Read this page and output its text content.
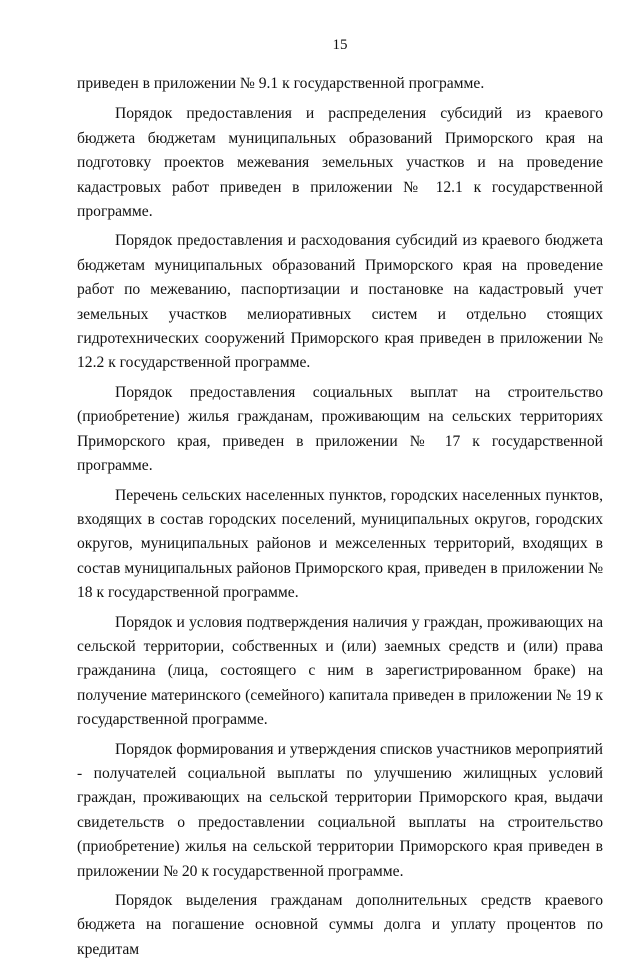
15

приведен в приложении № 9.1 к государственной программе.

Порядок предоставления и распределения субсидий из краевого бюджета бюджетам муниципальных образований Приморского края на подготовку проектов межевания земельных участков и на проведение кадастровых работ приведен в приложении № 12.1 к государственной программе.

Порядок предоставления и расходования субсидий из краевого бюджета бюджетам муниципальных образований Приморского края на проведение работ по межеванию, паспортизации и постановке на кадастровый учет земельных участков мелиоративных систем и отдельно стоящих гидротехнических сооружений Приморского края приведен в приложении № 12.2 к государственной программе.

Порядок предоставления социальных выплат на строительство (приобретение) жилья гражданам, проживающим на сельских территориях Приморского края, приведен в приложении № 17 к государственной программе.

Перечень сельских населенных пунктов, городских населенных пунктов, входящих в состав городских поселений, муниципальных округов, городских округов, муниципальных районов и межселенных территорий, входящих в состав муниципальных районов Приморского края, приведен в приложении № 18 к государственной программе.

Порядок и условия подтверждения наличия у граждан, проживающих на сельской территории, собственных и (или) заемных средств и (или) права гражданина (лица, состоящего с ним в зарегистрированном браке) на получение материнского (семейного) капитала приведен в приложении № 19 к государственной программе.

Порядок формирования и утверждения списков участников мероприятий - получателей социальной выплаты по улучшению жилищных условий граждан, проживающих на сельской территории Приморского края, выдачи свидетельств о предоставлении социальной выплаты на строительство (приобретение) жилья на сельской территории Приморского края приведен в приложении № 20 к государственной программе.

Порядок выделения гражданам дополнительных средств краевого бюджета на погашение основной суммы долга и уплату процентов по кредитам
